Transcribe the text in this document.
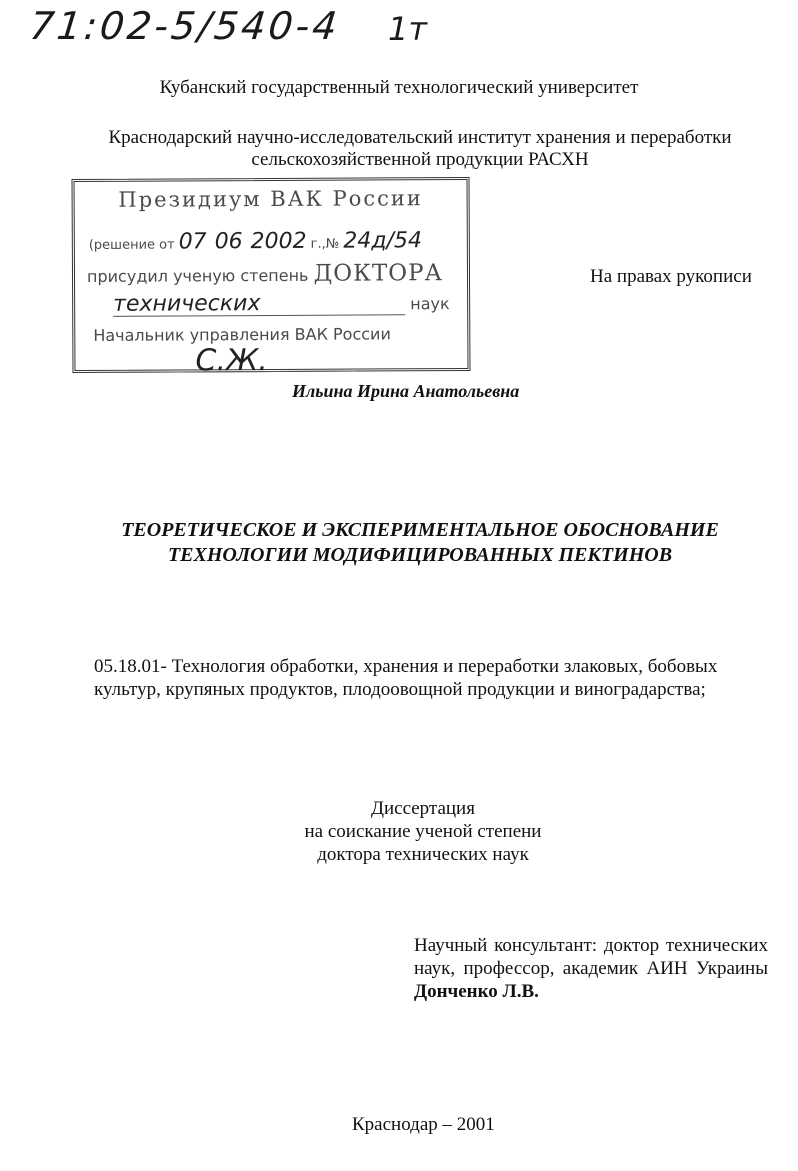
71:02-5/540-4 1т
Кубанский государственный технологический университет
Краснодарский научно-исследовательский институт хранения и переработки
сельскохозяйственной продукции РАСХН
Президиум ВАК России
(решение от 07 06 2002 г.,№ 24д/54
присудил ученую степень ДОКТОРА
технических	наук
Начальник управления ВАК России
С.Ж.
На правах рукописи
Ильина Ирина Анатольевна
ТЕОРЕТИЧЕСКОЕ И ЭКСПЕРИМЕНТАЛЬНОЕ ОБОСНОВАНИЕ
ТЕХНОЛОГИИ МОДИФИЦИРОВАННЫХ ПЕКТИНОВ
05.18.01- Технология обработки, хранения и переработки злаковых, бобовых
культур, крупяных продуктов, плодоовощной продукции и виноградарства;
Диссертация
на соискание ученой степени
доктора технических наук
Научный консультант: доктор технических наук, профессор, академик АИН Украины Донченко Л.В.
Краснодар – 2001
